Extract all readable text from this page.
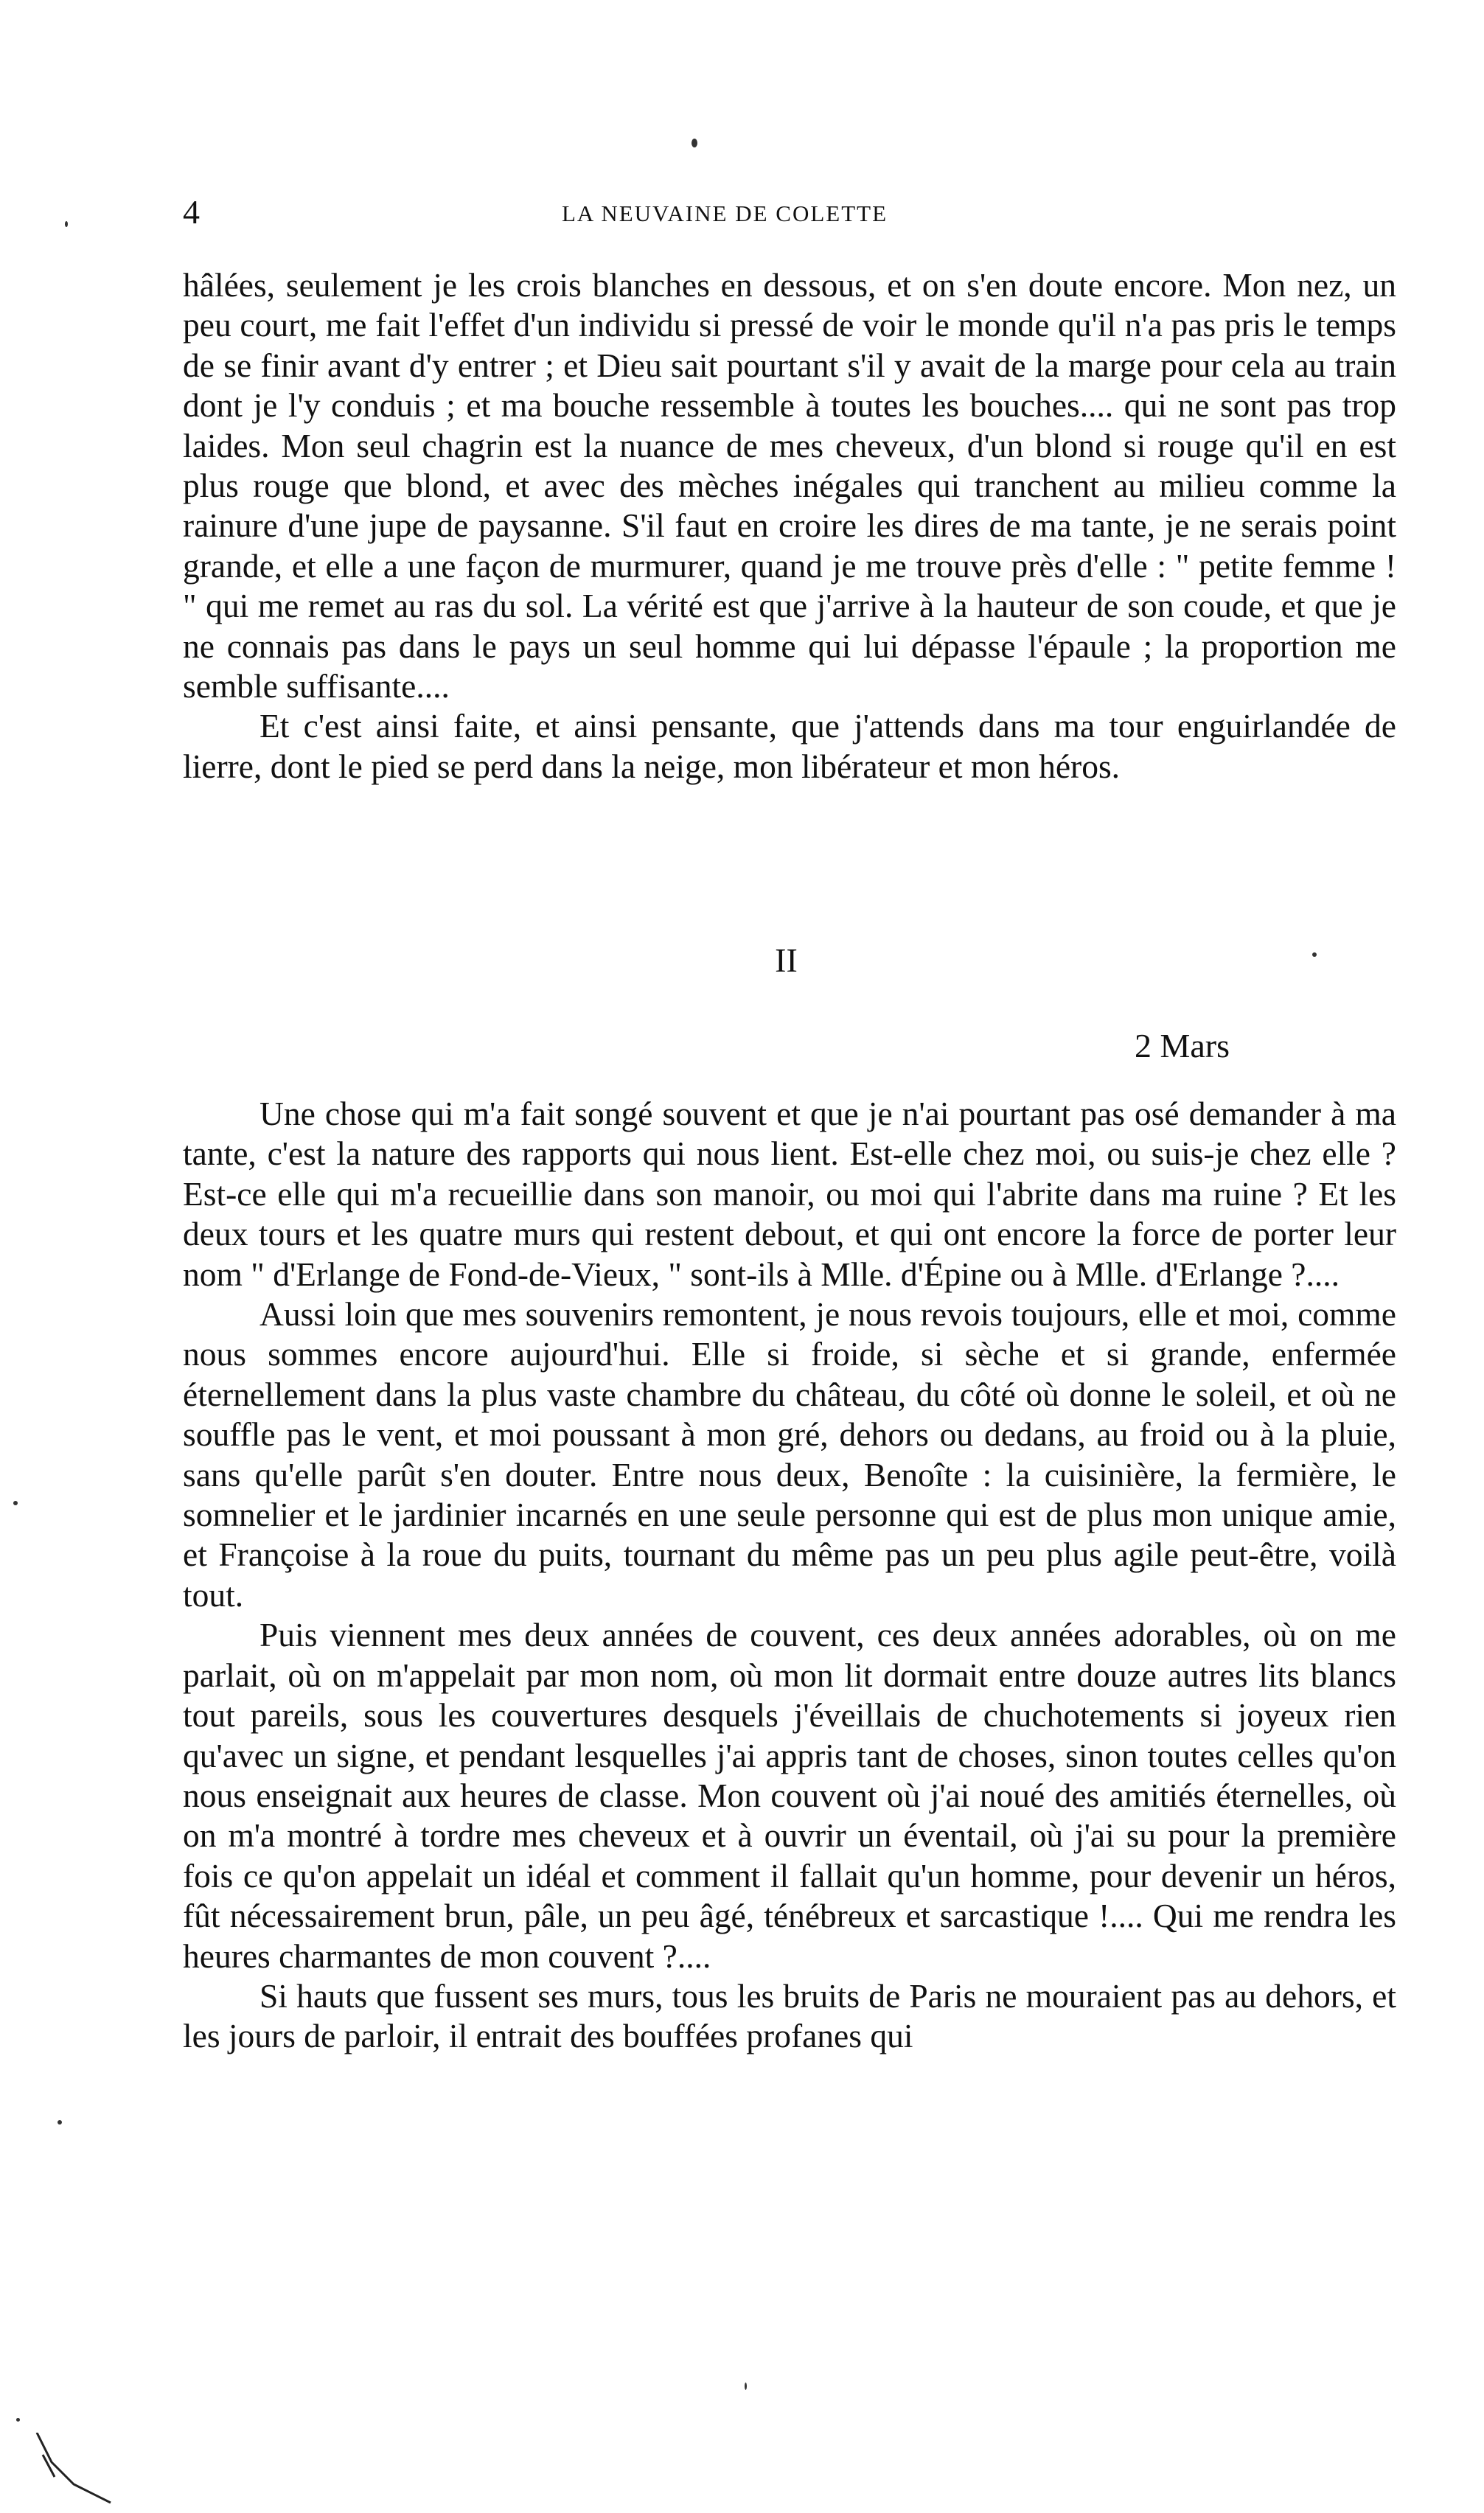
4	LA NEUVAINE DE COLETTE

hâlées, seulement je les crois blanches en dessous, et on s'en doute encore. Mon nez, un peu court, me fait l'effet d'un individu si pressé de voir le monde qu'il n'a pas pris le temps de se finir avant d'y entrer ; et Dieu sait pourtant s'il y avait de la marge pour cela au train dont je l'y conduis ; et ma bouche ressemble à toutes les bouches.... qui ne sont pas trop laides. Mon seul chagrin est la nuance de mes cheveux, d'un blond si rouge qu'il en est plus rouge que blond, et avec des mèches inégales qui tranchent au milieu comme la rainure d'une jupe de paysanne. S'il faut en croire les dires de ma tante, je ne serais point grande, et elle a une façon de murmurer, quand je me trouve près d'elle : " petite femme ! " qui me remet au ras du sol. La vérité est que j'arrive à la hauteur de son coude, et que je ne connais pas dans le pays un seul homme qui lui dépasse l'épaule ; la proportion me semble suffisante....

Et c'est ainsi faite, et ainsi pensante, que j'attends dans ma tour enguirlandée de lierre, dont le pied se perd dans la neige, mon libérateur et mon héros.

II
2 Mars

Une chose qui m'a fait songé souvent et que je n'ai pourtant pas osé demander à ma tante, c'est la nature des rapports qui nous lient. Est-elle chez moi, ou suis-je chez elle ? Est-ce elle qui m'a recueillie dans son manoir, ou moi qui l'abrite dans ma ruine ? Et les deux tours et les quatre murs qui restent debout, et qui ont encore la force de porter leur nom " d'Erlange de Fond-de-Vieux, " sont-ils à Mlle. d'Épine ou à Mlle. d'Erlange ?....

Aussi loin que mes souvenirs remontent, je nous revois toujours, elle et moi, comme nous sommes encore aujourd'hui. Elle si froide, si sèche et si grande, enfermée éternellement dans la plus vaste chambre du château, du côté où donne le soleil, et où ne souffle pas le vent, et moi poussant à mon gré, dehors ou dedans, au froid ou à la pluie, sans qu'elle parût s'en douter. Entre nous deux, Benoîte : la cuisinière, la fermière, le somnelier et le jardinier incarnés en une seule personne qui est de plus mon unique amie, et Françoise à la roue du puits, tournant du même pas un peu plus agile peut-être, voilà tout.

Puis viennent mes deux années de couvent, ces deux années adorables, où on me parlait, où on m'appelait par mon nom, où mon lit dormait entre douze autres lits blancs tout pareils, sous les couvertures desquels j'éveillais de chuchotements si joyeux rien qu'avec un signe, et pendant lesquelles j'ai appris tant de choses, sinon toutes celles qu'on nous enseignait aux heures de classe. Mon couvent où j'ai noué des amitiés éternelles, où on m'a montré à tordre mes cheveux et à ouvrir un éventail, où j'ai su pour la première fois ce qu'on appelait un idéal et comment il fallait qu'un homme, pour devenir un héros, fût nécessairement brun, pâle, un peu âgé, ténébreux et sarcastique !.... Qui me rendra les heures charmantes de mon couvent ?....

Si hauts que fussent ses murs, tous les bruits de Paris ne mouraient pas au dehors, et les jours de parloir, il entrait des bouffées profanes qui
